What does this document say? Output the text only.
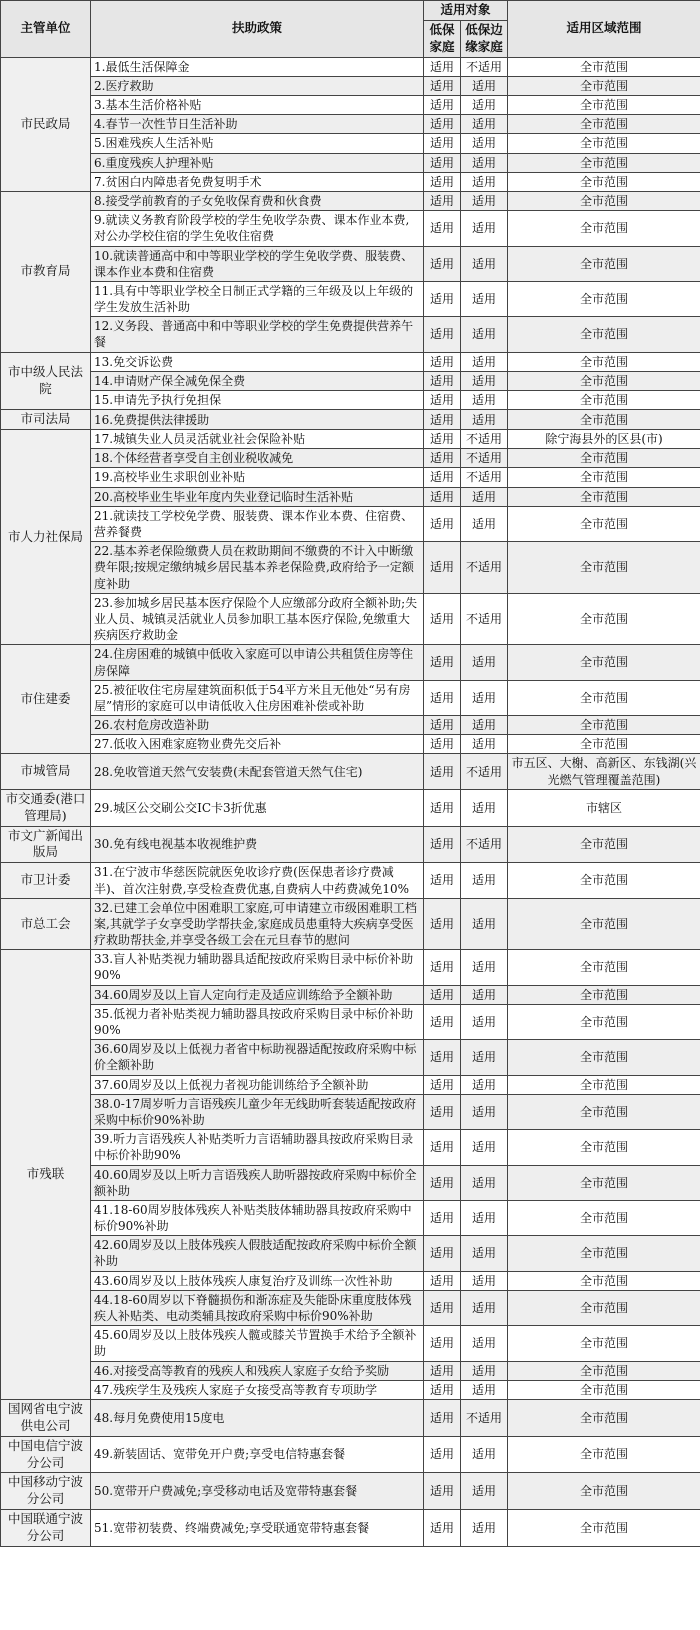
主管单位	扶助政策	适用对象		适用区域范围
		低保家庭	低保边缘家庭	
市民政局	1.最低生活保障金	适用	不适用	全市范围
	2.医疗救助	适用	适用	全市范围
	3.基本生活价格补贴	适用	适用	全市范围
	4.春节一次性节日生活补助	适用	适用	全市范围
	5.困难残疾人生活补贴	适用	适用	全市范围
	6.重度残疾人护理补贴	适用	适用	全市范围
	7.贫困白内障患者免费复明手术	适用	适用	全市范围
市教育局	8.接受学前教育的子女免收保育费和伙食费	适用	适用	全市范围
	9.就读义务教育阶段学校的学生免收学杂费、课本作业本费,对公办学校住宿的学生免收住宿费	适用	适用	全市范围
	10.就读普通高中和中等职业学校的学生免收学费、服装费、课本作业本费和住宿费	适用	适用	全市范围
	11.具有中等职业学校全日制正式学籍的三年级及以上年级的学生发放生活补助	适用	适用	全市范围
	12.义务段、普通高中和中等职业学校的学生免费提供营养午餐	适用	适用	全市范围
市中级人民法院	13.免交诉讼费	适用	适用	全市范围
	14.申请财产保全减免保全费	适用	适用	全市范围
	15.申请先予执行免担保	适用	适用	全市范围
市司法局	16.免费提供法律援助	适用	适用	全市范围
市人力社保局	17.城镇失业人员灵活就业社会保险补贴	适用	不适用	除宁海县外的区县(市)
	18.个体经营者享受自主创业税收减免	适用	不适用	全市范围
	19.高校毕业生求职创业补贴	适用	不适用	全市范围
	20.高校毕业生毕业年度内失业登记临时生活补贴	适用	适用	全市范围
	21.就读技工学校免学费、服装费、课本作业本费、住宿费、营养餐费	适用	适用	全市范围
	22.基本养老保险缴费人员在救助期间不缴费的不计入中断缴费年限;按规定缴纳城乡居民基本养老保险费,政府给予一定额度补助	适用	不适用	全市范围
	23.参加城乡居民基本医疗保险个人应缴部分政府全额补助;失业人员、城镇灵活就业人员参加职工基本医疗保险,免缴重大疾病医疗救助金	适用	不适用	全市范围
市住建委	24.住房困难的城镇中低收入家庭可以申请公共租赁住房等住房保障	适用	适用	全市范围
	25.被征收住宅房屋建筑面积低于54平方米且无他处“另有房屋”情形的家庭可以申请低收入住房困难补偿或补助	适用	适用	全市范围
	26.农村危房改造补助	适用	适用	全市范围
	27.低收入困难家庭物业费先交后补	适用	适用	全市范围
市城管局	28.免收管道天然气安装费(未配套管道天然气住宅)	适用	不适用	市五区、大榭、高新区、东钱湖(兴光燃气管理覆盖范围)
市交通委(港口管理局)	29.城区公交刷公交IC卡3折优惠	适用	适用	市辖区
市文广新闻出版局	30.免有线电视基本收视维护费	适用	不适用	全市范围
市卫计委	31.在宁波市华慈医院就医免收诊疗费(医保患者诊疗费减半)、首次注射费,享受检查费优惠,自费病人中药费减免10%	适用	适用	全市范围
市总工会	32.已建工会单位中困难职工家庭,可申请建立市级困难职工档案,其就学子女享受助学帮扶金,家庭成员患重特大疾病享受医疗救助帮扶金,并享受各级工会在元旦春节的慰问	适用	适用	全市范围
市残联	33.盲人补贴类视力辅助器具适配按政府采购目录中标价补助90%	适用	适用	全市范围
	34.60周岁及以上盲人定向行走及适应训练给予全额补助	适用	适用	全市范围
	35.低视力者补贴类视力辅助器具按政府采购目录中标价补助90%	适用	适用	全市范围
	36.60周岁及以上低视力者省中标助视器适配按政府采购中标价全额补助	适用	适用	全市范围
	37.60周岁及以上低视力者视功能训练给予全额补助	适用	适用	全市范围
	38.0-17周岁听力言语残疾儿童少年无线助听套装适配按政府采购中标价90%补助	适用	适用	全市范围
	39.听力言语残疾人补贴类听力言语辅助器具按政府采购目录中标价补助90%	适用	适用	全市范围
	40.60周岁及以上听力言语残疾人助听器按政府采购中标价全额补助	适用	适用	全市范围
	41.18-60周岁肢体残疾人补贴类肢体辅助器具按政府采购中标价90%补助	适用	适用	全市范围
	42.60周岁及以上肢体残疾人假肢适配按政府采购中标价全额补助	适用	适用	全市范围
	43.60周岁及以上肢体残疾人康复治疗及训练一次性补助	适用	适用	全市范围
	44.18-60周岁以下脊髓损伤和渐冻症及失能卧床重度肢体残疾人补贴类、电动类辅具按政府采购中标价90%补助	适用	适用	全市范围
	45.60周岁及以上肢体残疾人髋或膝关节置换手术给予全额补助	适用	适用	全市范围
	46.对接受高等教育的残疾人和残疾人家庭子女给予奖励	适用	适用	全市范围
	47.残疾学生及残疾人家庭子女接受高等教育专项助学	适用	适用	全市范围
国网省电宁波供电公司	48.每月免费使用15度电	适用	不适用	全市范围
中国电信宁波分公司	49.新装固话、宽带免开户费;享受电信特惠套餐	适用	适用	全市范围
中国移动宁波分公司	50.宽带开户费减免;享受移动电话及宽带特惠套餐	适用	适用	全市范围
中国联通宁波分公司	51.宽带初装费、终端费减免;享受联通宽带特惠套餐	适用	适用	全市范围
